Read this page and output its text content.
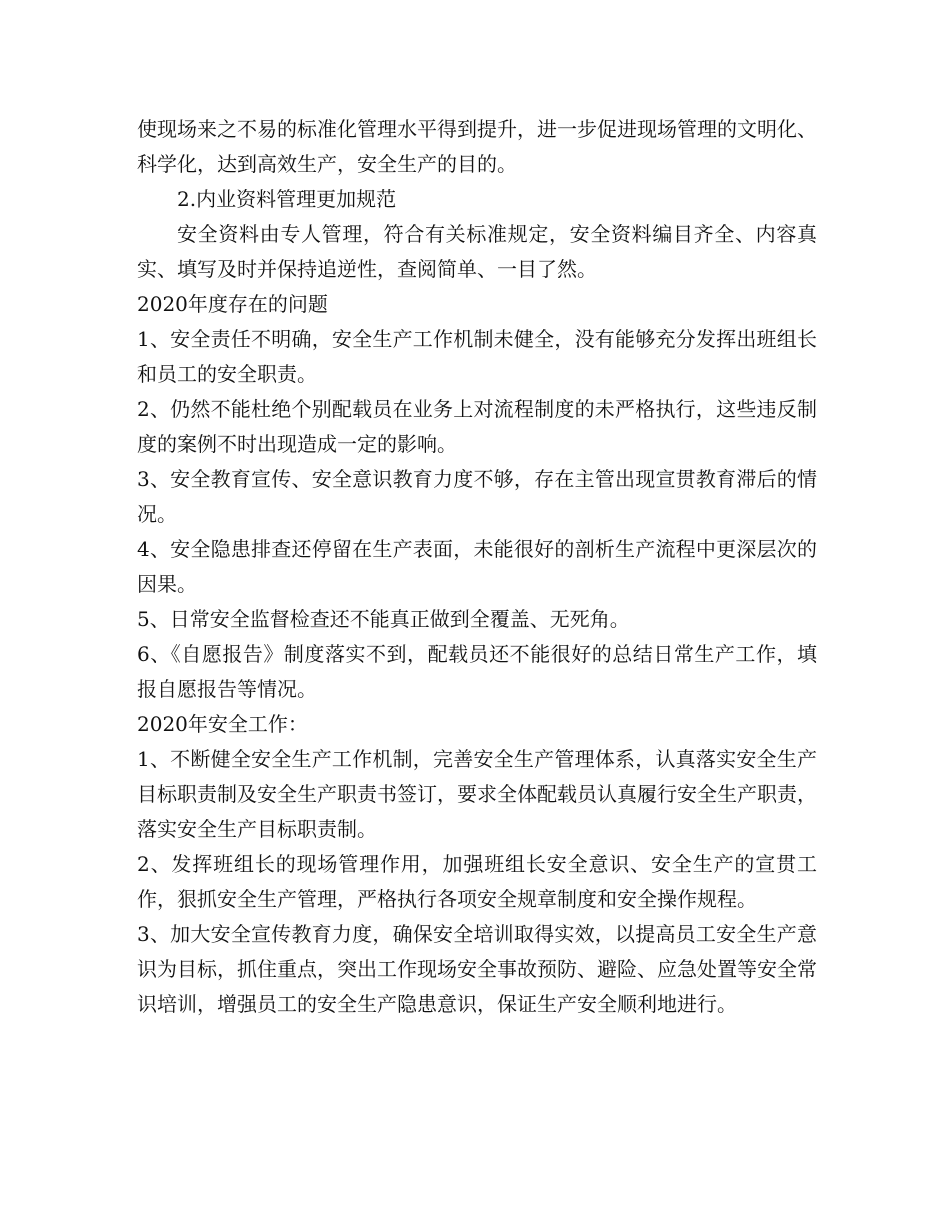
使现场来之不易的标准化管理水平得到提升，进一步促进现场管理的文明化、科学化，达到高效生产，安全生产的目的。

2.内业资料管理更加规范

安全资料由专人管理，符合有关标准规定，安全资料编目齐全、内容真实、填写及时并保持追逆性，查阅简单、一目了然。

2020年度存在的问题

1、安全责任不明确，安全生产工作机制未健全，没有能够充分发挥出班组长和员工的安全职责。

2、仍然不能杜绝个别配载员在业务上对流程制度的未严格执行，这些违反制度的案例不时出现造成一定的影响。

3、安全教育宣传、安全意识教育力度不够，存在主管出现宣贯教育滞后的情况。

4、安全隐患排查还停留在生产表面，未能很好的剖析生产流程中更深层次的因果。

5、日常安全监督检查还不能真正做到全覆盖、无死角。

6、《自愿报告》制度落实不到，配载员还不能很好的总结日常生产工作，填报自愿报告等情况。

2020年安全工作：

1、不断健全安全生产工作机制，完善安全生产管理体系，认真落实安全生产目标职责制及安全生产职责书签订，要求全体配载员认真履行安全生产职责，落实安全生产目标职责制。

2、发挥班组长的现场管理作用，加强班组长安全意识、安全生产的宣贯工作，狠抓安全生产管理，严格执行各项安全规章制度和安全操作规程。

3、加大安全宣传教育力度，确保安全培训取得实效，以提高员工安全生产意识为目标，抓住重点，突出工作现场安全事故预防、避险、应急处置等安全常识培训，增强员工的安全生产隐患意识，保证生产安全顺利地进行。
